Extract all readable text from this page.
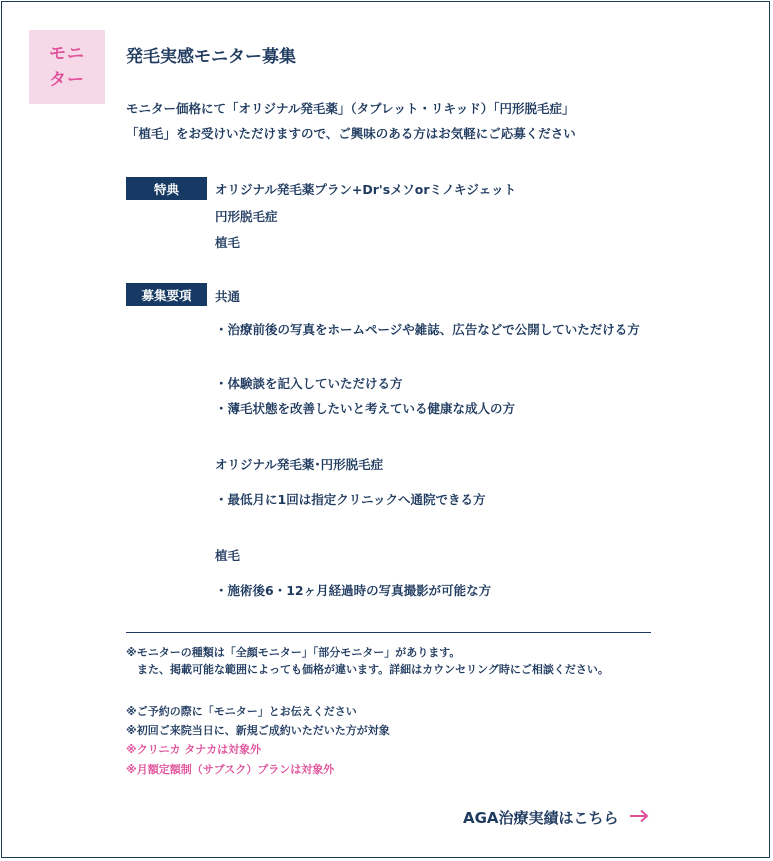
モニ
ター
発毛実感モニター募集
モニター価格にて「オリジナル発毛薬」（タブレット・リキッド）「円形脱毛症」
「植毛」をお受けいただけますので、ご興味のある方はお気軽にご応募ください
特典	オリジナル発毛薬プラン+Dr'sメソorミノキジェット
円形脱毛症
植毛
募集要項	共通
・治療前後の写真をホームページや雑誌、広告などで公開していただける方
・体験談を記入していただける方
・薄毛状態を改善したいと考えている健康な成人の方
オリジナル発毛薬･円形脱毛症
・最低月に1回は指定クリニックへ通院できる方
植毛
・施術後6・12ヶ月経過時の写真撮影が可能な方
※モニターの種類は「全顔モニター」「部分モニター」があります。
また、掲載可能な範囲によっても価格が違います。詳細はカウンセリング時にご相談ください。
※ご予約の際に「モニター」とお伝えください
※初回ご来院当日に、新規ご成約いただいた方が対象
※クリニカ タナカは対象外
※月額定額制（サブスク）プランは対象外
AGA治療実績はこちら
